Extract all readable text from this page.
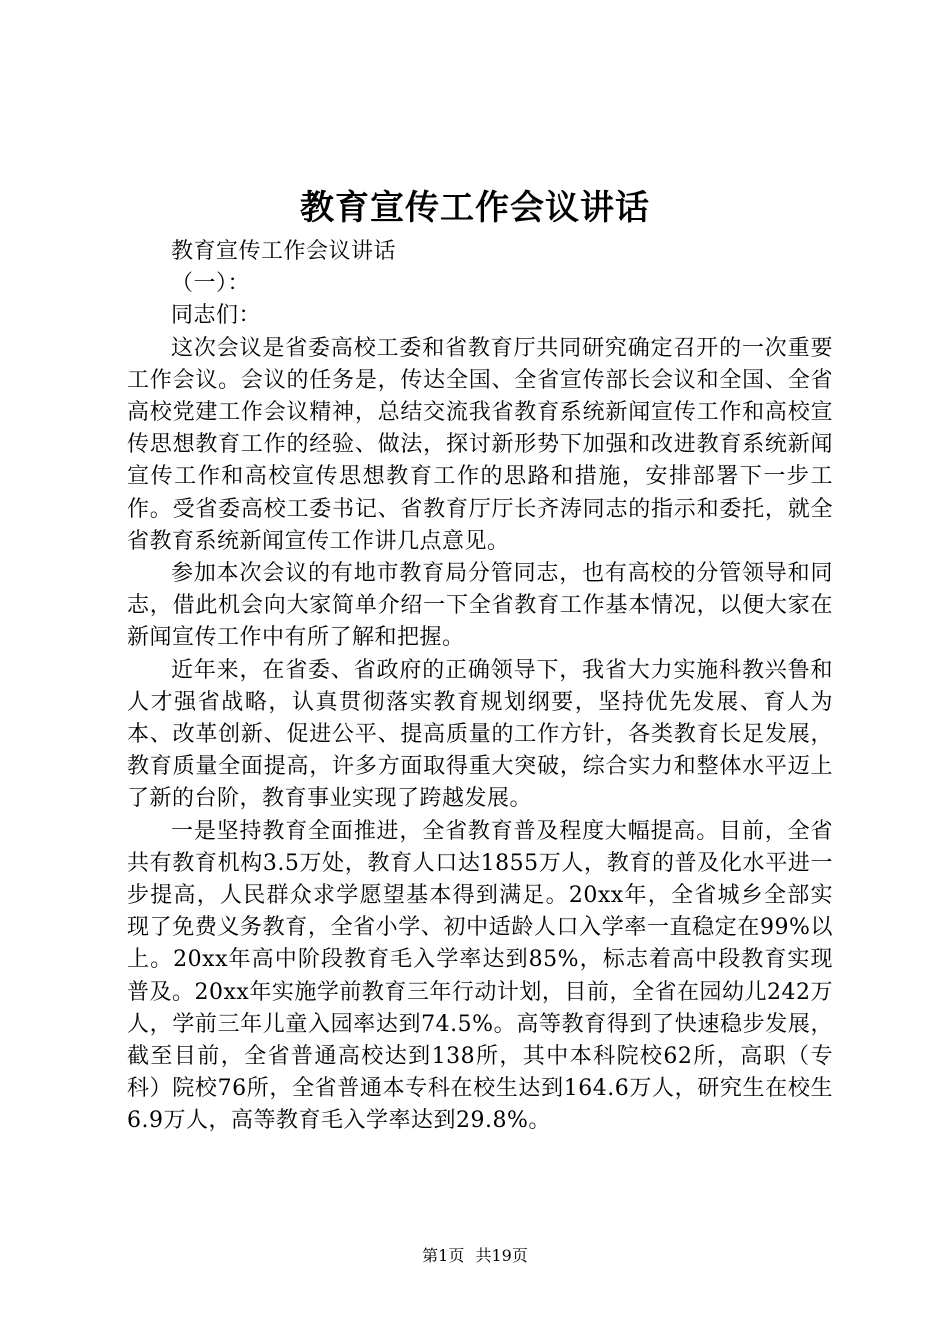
教育宣传工作会议讲话

教育宣传工作会议讲话

（一）：

同志们：

这次会议是省委高校工委和省教育厅共同研究确定召开的一次重要工作会议。会议的任务是，传达全国、全省宣传部长会议和全国、全省高校党建工作会议精神，总结交流我省教育系统新闻宣传工作和高校宣传思想教育工作的经验、做法，探讨新形势下加强和改进教育系统新闻宣传工作和高校宣传思想教育工作的思路和措施，安排部署下一步工作。受省委高校工委书记、省教育厅厅长齐涛同志的指示和委托，就全省教育系统新闻宣传工作讲几点意见。

参加本次会议的有地市教育局分管同志，也有高校的分管领导和同志，借此机会向大家简单介绍一下全省教育工作基本情况，以便大家在新闻宣传工作中有所了解和把握。

近年来，在省委、省政府的正确领导下，我省大力实施科教兴鲁和人才强省战略，认真贯彻落实教育规划纲要，坚持优先发展、育人为本、改革创新、促进公平、提高质量的工作方针，各类教育长足发展，教育质量全面提高，许多方面取得重大突破，综合实力和整体水平迈上了新的台阶，教育事业实现了跨越发展。

一是坚持教育全面推进，全省教育普及程度大幅提高。目前，全省共有教育机构3.5万处，教育人口达1855万人，教育的普及化水平进一步提高，人民群众求学愿望基本得到满足。20xx年，全省城乡全部实现了免费义务教育，全省小学、初中适龄人口入学率一直稳定在99%以上。20xx年高中阶段教育毛入学率达到85%，标志着高中段教育实现普及。20xx年实施学前教育三年行动计划，目前，全省在园幼儿242万人，学前三年儿童入园率达到74.5%。高等教育得到了快速稳步发展，截至目前，全省普通高校达到138所，其中本科院校62所，高职（专科）院校76所，全省普通本专科在校生达到164.6万人，研究生在校生6.9万人，高等教育毛入学率达到29.8%。

第1页 共19页
